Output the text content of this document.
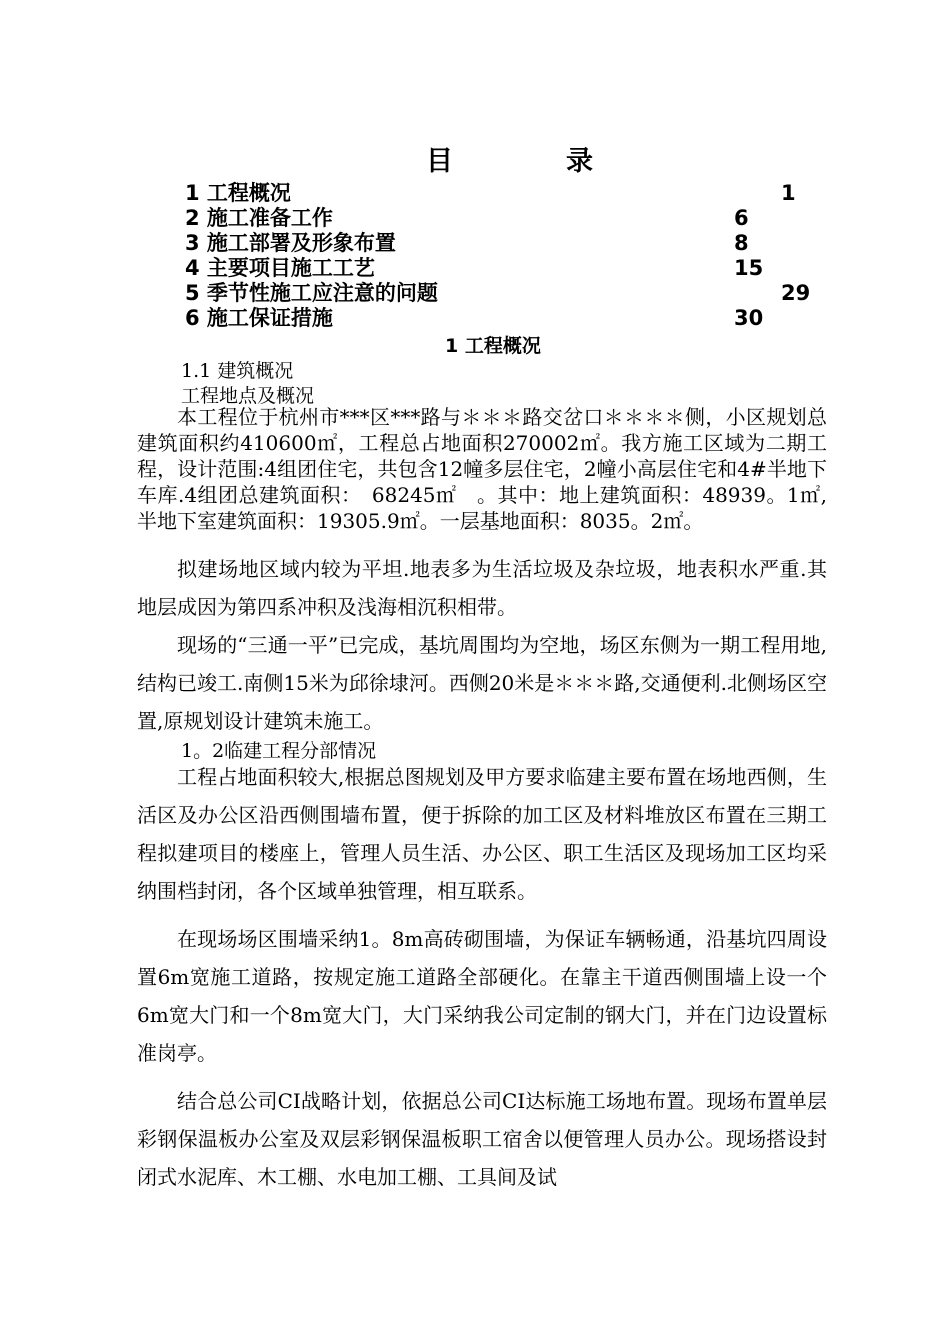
目	录
1 工程概况	1
2 施工准备工作	6
3 施工部署及形象布置	8
4 主要项目施工工艺	15
5 季节性施工应注意的问题	29
6 施工保证措施	30
1 工程概况
1.1 建筑概况
工程地点及概况

本工程位于杭州市***区***路与＊＊＊路交岔口＊＊＊＊侧，小区规划总建筑面积约410600㎡，工程总占地面积270002㎡。我方施工区域为二期工程，设计范围:4组团住宅，共包含12幢多层住宅，2幢小高层住宅和4#半地下车库.4组团总建筑面积：　68245㎡　。其中：地上建筑面积：48939。1㎡,半地下室建筑面积：19305.9㎡。一层基地面积：8035。2㎡。

拟建场地区域内较为平坦.地表多为生活垃圾及杂垃圾，地表积水严重.其地层成因为第四系冲积及浅海相沉积相带。

现场的“三通一平”已完成，基坑周围均为空地，场区东侧为一期工程用地,结构已竣工.南侧15米为邱徐埭河。西侧20米是＊＊＊路,交通便利.北侧场区空置,原规划设计建筑未施工。

1。2临建工程分部情况

工程占地面积较大,根据总图规划及甲方要求临建主要布置在场地西侧，生活区及办公区沿西侧围墙布置，便于拆除的加工区及材料堆放区布置在三期工程拟建项目的楼座上，管理人员生活、办公区、职工生活区及现场加工区均采纳围档封闭，各个区域单独管理，相互联系。

在现场场区围墙采纳1。8m高砖砌围墙，为保证车辆畅通，沿基坑四周设置6m宽施工道路，按规定施工道路全部硬化。在靠主干道西侧围墙上设一个6m宽大门和一个8m宽大门，大门采纳我公司定制的钢大门，并在门边设置标准岗亭。

结合总公司CI战略计划，依据总公司CI达标施工场地布置。现场布置单层彩钢保温板办公室及双层彩钢保温板职工宿舍以便管理人员办公。现场搭设封闭式水泥库、木工棚、水电加工棚、工具间及试
